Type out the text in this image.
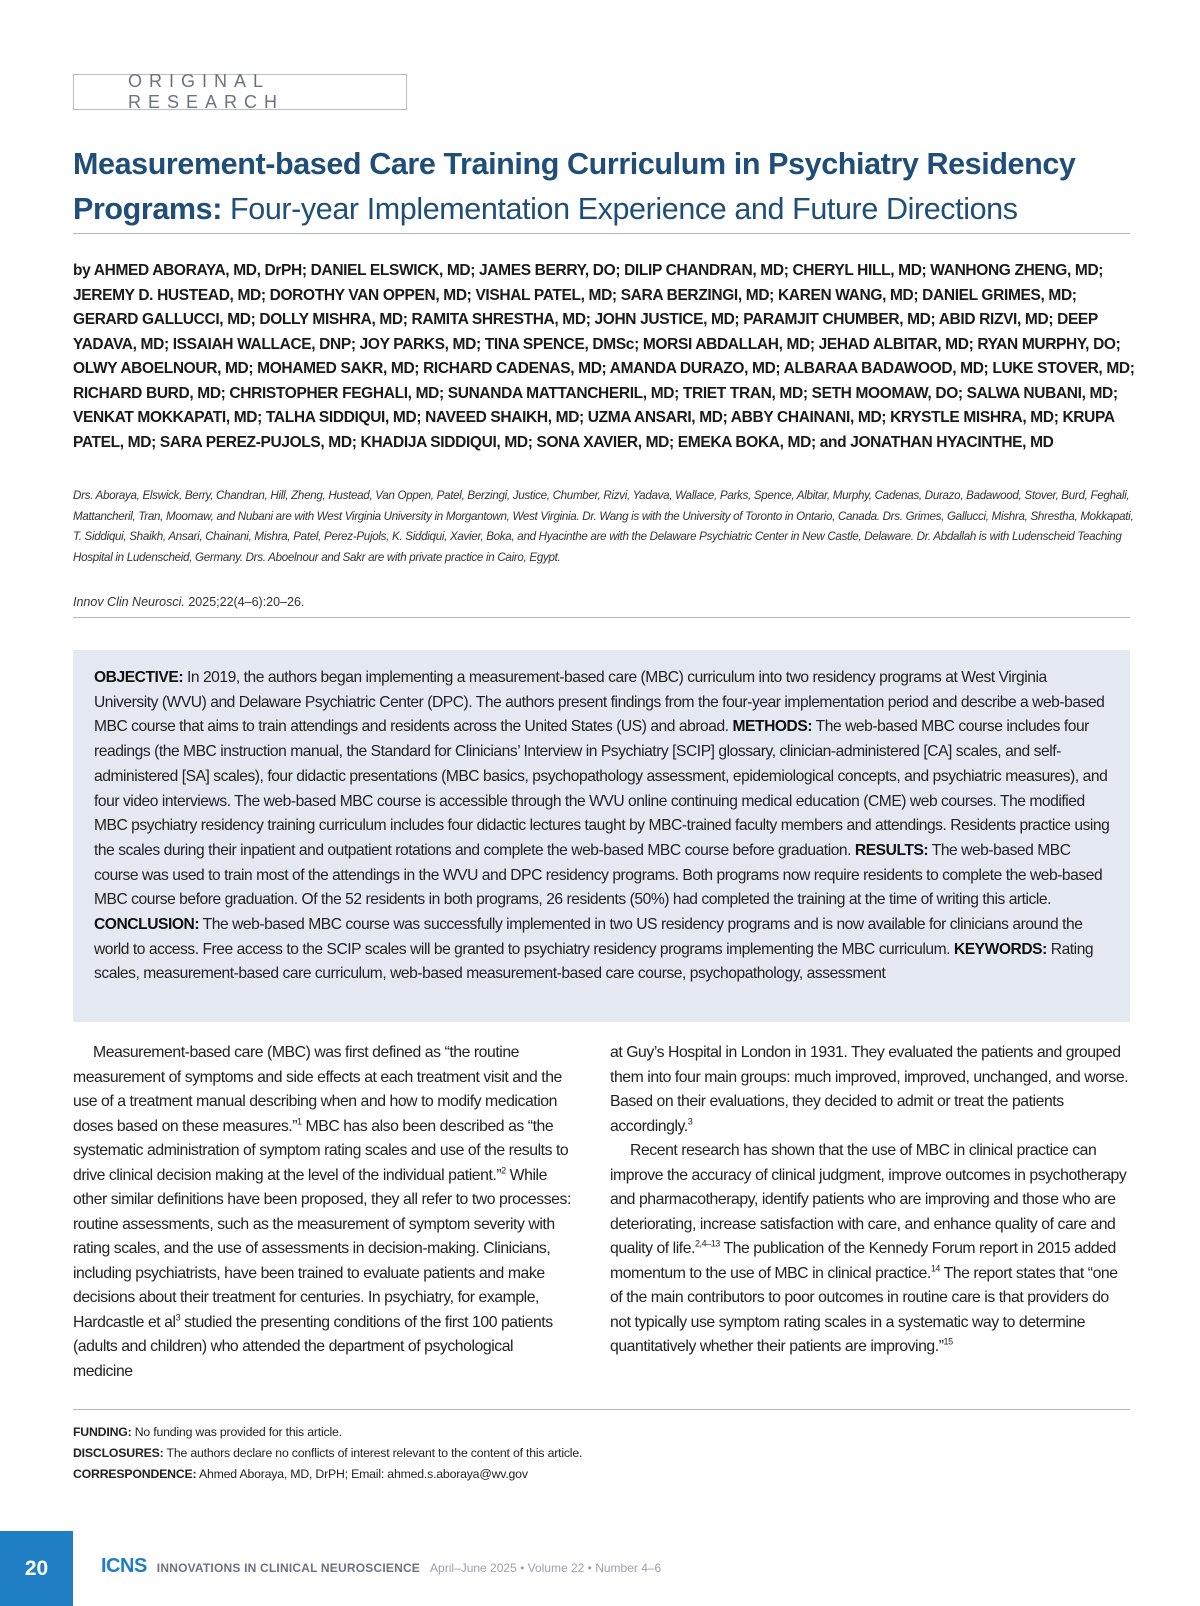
ORIGINAL RESEARCH
Measurement-based Care Training Curriculum in Psychiatry Residency Programs: Four-year Implementation Experience and Future Directions

by AHMED ABORAYA, MD, DrPH; DANIEL ELSWICK, MD; JAMES BERRY, DO; DILIP CHANDRAN, MD; CHERYL HILL, MD; WANHONG ZHENG, MD; JEREMY D. HUSTEAD, MD; DOROTHY VAN OPPEN, MD; VISHAL PATEL, MD; SARA BERZINGI, MD; KAREN WANG, MD; DANIEL GRIMES, MD; GERARD GALLUCCI, MD; DOLLY MISHRA, MD; RAMITA SHRESTHA, MD; JOHN JUSTICE, MD; PARAMJIT CHUMBER, MD; ABID RIZVI, MD; DEEP YADAVA, MD; ISSAIAH WALLACE, DNP; JOY PARKS, MD; TINA SPENCE, DMSc; MORSI ABDALLAH, MD; JEHAD ALBITAR, MD; RYAN MURPHY, DO; OLWY ABOELNOUR, MD; MOHAMED SAKR, MD; RICHARD CADENAS, MD; AMANDA DURAZO, MD; ALBARAA BADAWOOD, MD; LUKE STOVER, MD; RICHARD BURD, MD; CHRISTOPHER FEGHALI, MD; SUNANDA MATTANCHERIL, MD; TRIET TRAN, MD; SETH MOOMAW, DO; SALWA NUBANI, MD; VENKAT MOKKAPATI, MD; TALHA SIDDIQUI, MD; NAVEED SHAIKH, MD; UZMA ANSARI, MD; ABBY CHAINANI, MD; KRYSTLE MISHRA, MD; KRUPA PATEL, MD; SARA PEREZ-PUJOLS, MD; KHADIJA SIDDIQUI, MD; SONA XAVIER, MD; EMEKA BOKA, MD; and JONATHAN HYACINTHE, MD

Drs. Aboraya, Elswick, Berry, Chandran, Hill, Zheng, Hustead, Van Oppen, Patel, Berzingi, Justice, Chumber, Rizvi, Yadava, Wallace, Parks, Spence, Albitar, Murphy, Cadenas, Durazo, Badawood, Stover, Burd, Feghali, Mattancheril, Tran, Moomaw, and Nubani are with West Virginia University in Morgantown, West Virginia. Dr. Wang is with the University of Toronto in Ontario, Canada. Drs. Grimes, Gallucci, Mishra, Shrestha, Mokkapati, T. Siddiqui, Shaikh, Ansari, Chainani, Mishra, Patel, Perez-Pujols, K. Siddiqui, Xavier, Boka, and Hyacinthe are with the Delaware Psychiatric Center in New Castle, Delaware. Dr. Abdallah is with Ludenscheid Teaching Hospital in Ludenscheid, Germany. Drs. Aboelnour and Sakr are with private practice in Cairo, Egypt.

Innov Clin Neurosci. 2025;22(4–6):20–26.

OBJECTIVE: In 2019, the authors began implementing a measurement-based care (MBC) curriculum into two residency programs at West Virginia University (WVU) and Delaware Psychiatric Center (DPC). The authors present findings from the four-year implementation period and describe a web-based MBC course that aims to train attendings and residents across the United States (US) and abroad. METHODS: The web-based MBC course includes four readings (the MBC instruction manual, the Standard for Clinicians’ Interview in Psychiatry [SCIP] glossary, clinician-administered [CA] scales, and self-administered [SA] scales), four didactic presentations (MBC basics, psychopathology assessment, epidemiological concepts, and psychiatric measures), and four video interviews. The web-based MBC course is accessible through the WVU online continuing medical education (CME) web courses. The modified MBC psychiatry residency training curriculum includes four didactic lectures taught by MBC-trained faculty members and attendings. Residents practice using the scales during their inpatient and outpatient rotations and complete the web-based MBC course before graduation. RESULTS: The web-based MBC course was used to train most of the attendings in the WVU and DPC residency programs. Both programs now require residents to complete the web-based MBC course before graduation. Of the 52 residents in both programs, 26 residents (50%) had completed the training at the time of writing this article. CONCLUSION: The web-based MBC course was successfully implemented in two US residency programs and is now available for clinicians around the world to access. Free access to the SCIP scales will be granted to psychiatry residency programs implementing the MBC curriculum. KEYWORDS: Rating scales, measurement-based care curriculum, web-based measurement-based care course, psychopathology, assessment

Measurement-based care (MBC) was first defined as “the routine measurement of symptoms and side effects at each treatment visit and the use of a treatment manual describing when and how to modify medication doses based on these measures.”$^1$ MBC has also been described as “the systematic administration of symptom rating scales and use of the results to drive clinical decision making at the level of the individual patient.”$^2$ While other similar definitions have been proposed, they all refer to two processes: routine assessments, such as the measurement of symptom severity with rating scales, and the use of assessments in decision-making. Clinicians, including psychiatrists, have been trained to evaluate patients and make decisions about their treatment for centuries. In psychiatry, for example, Hardcastle et $al^3$ studied the presenting conditions of the first 100 patients (adults and children) who attended the department of psychological medicine

at Guy’s Hospital in London in 1931. They evaluated the patients and grouped them into four main groups: much improved, improved, unchanged, and worse. Based on their evaluations, they decided to admit or treat the patients accordingly.$^3$

Recent research has shown that the use of MBC in clinical practice can improve the accuracy of clinical judgment, improve outcomes in psychotherapy and pharmacotherapy, identify patients who are improving and those who are deteriorating, increase satisfaction with care, and enhance quality of care and quality of life.$^{2,4-13}$ The publication of the Kennedy Forum report in 2015 added momentum to the use of MBC in clinical practice.$^{14}$ The report states that “one of the main contributors to poor outcomes in routine care is that providers do not typically use symptom rating scales in a systematic way to determine quantitatively whether their patients are improving.”$^{15}$

FUNDING: No funding was provided for this article.
DISCLOSURES: The authors declare no conflicts of interest relevant to the content of this article.
CORRESPONDENCE: Ahmed Aboraya, MD, DrPH; Email: ahmed.s.aboraya@wv.gov
20	ICNS INNOVATIONS IN CLINICAL NEUROSCIENCE April–June 2025 • Volume 22 • Number 4–6
